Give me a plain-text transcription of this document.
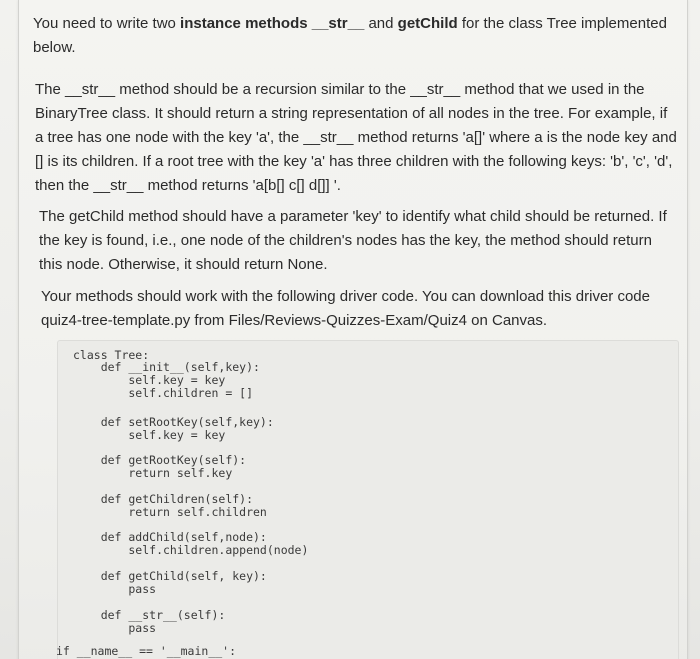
You need to write two instance methods __str__ and getChild for the class Tree implemented
below.

The __str__ method should be a recursion similar to the __str__ method that we used in the
BinaryTree class. It should return a string representation of all nodes in the tree. For example, if
a tree has one node with the key 'a', the __str__ method returns 'a[]' where a is the node key and
[] is its children. If a root tree with the key 'a' has three children with the following keys: 'b', 'c', 'd',
then the __str__ method returns 'a[b[] c[] d[]] '.

The getChild method should have a parameter 'key' to identify what child should be returned. If
the key is found, i.e., one node of the children's nodes has the key, the method should return
this node. Otherwise, it should return None.

Your methods should work with the following driver code. You can download this driver code
quiz4-tree-template.py from Files/Reviews-Quizzes-Exam/Quiz4 on Canvas.

class Tree:
def __init__(self,key):
self.key = key
self.children = []
def setRootKey(self,key):
self.key = key
def getRootKey(self):
return self.key
def getChildren(self):
return self.children
def addChild(self,node):
self.children.append(node)
def getChild(self, key):
pass
def __str__(self):
pass
if __name__ == '__main__':
